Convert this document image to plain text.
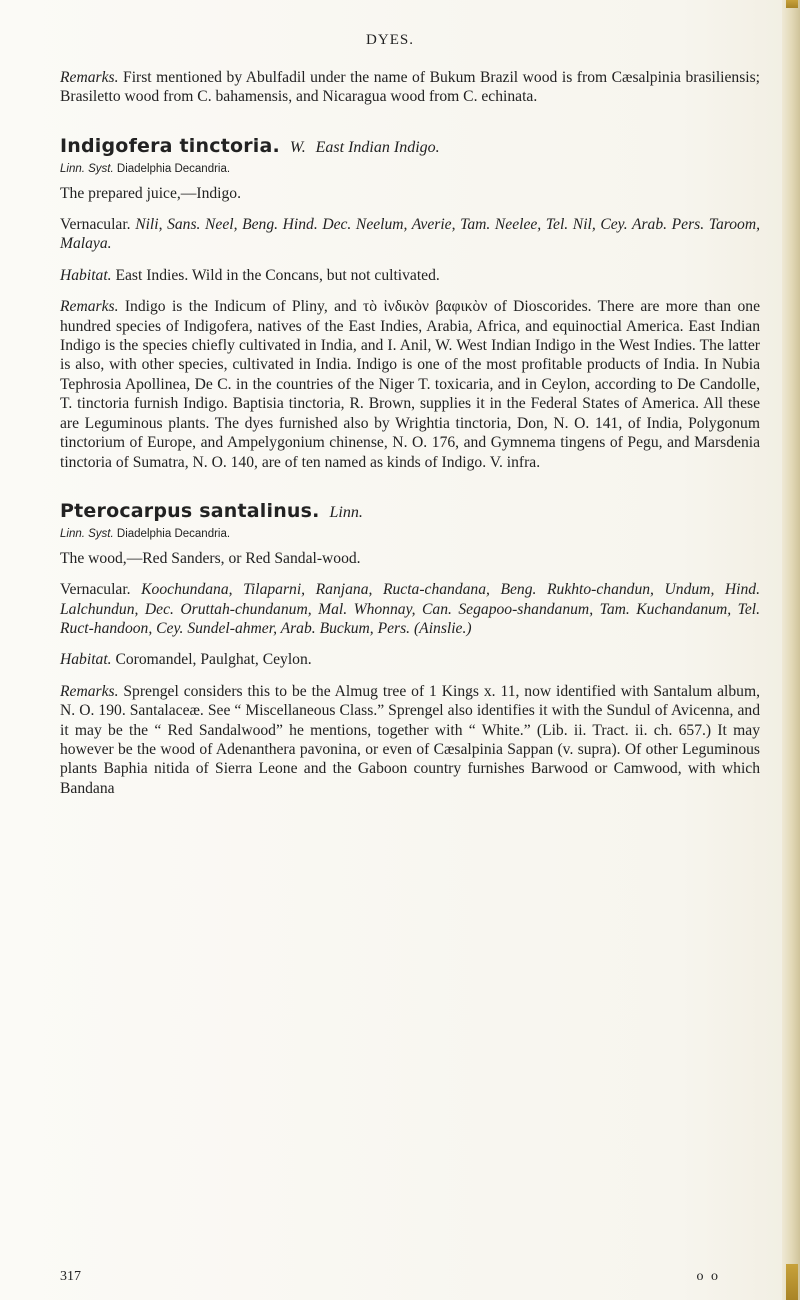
DYES.

Remarks. First mentioned by Abulfadil under the name of Bukum Brazil wood is from Cæsalpinia brasiliensis; Brasiletto wood from C. bahamensis, and Nicaragua wood from C. echinata.

Indigofera tinctoria. W. East Indian Indigo.
Linn. Syst. Diadelphia Decandria.

The prepared juice,—Indigo.

Vernacular. Nili, Sans. Neel, Beng. Hind. Dec. Neelum, Averie, Tam. Neelee, Tel. Nil, Cey. Arab. Pers. Taroom, Malaya.

Habitat. East Indies. Wild in the Concans, but not cultivated.

Remarks. Indigo is the Indicum of Pliny, and τὸ ἰνδικὸν βαφικὸν of Dioscorides. There are more than one hundred species of Indigofera, natives of the East Indies, Arabia, Africa, and equinoctial America. East Indian Indigo is the species chiefly cultivated in India, and I. Anil, W. West Indian Indigo in the West Indies. The latter is also, with other species, cultivated in India. Indigo is one of the most profitable products of India. In Nubia Tephrosia Apollinea, De C. in the countries of the Niger T. toxicaria, and in Ceylon, according to De Candolle, T. tinctoria furnish Indigo. Baptisia tinctoria, R. Brown, supplies it in the Federal States of America. All these are Leguminous plants. The dyes furnished also by Wrightia tinctoria, Don, N. O. 141, of India, Polygonum tinctorium of Europe, and Ampelygonium chinense, N. O. 176, and Gymnema tingens of Pegu, and Marsdenia tinctoria of Sumatra, N. O. 140, are of ten named as kinds of Indigo. V. infra.

Pterocarpus santalinus. Linn.
Linn. Syst. Diadelphia Decandria.

The wood,—Red Sanders, or Red Sandal-wood.

Vernacular. Koochundana, Tilaparni, Ranjana, Ructa-chandana, Beng. Rukhto-chandun, Undum, Hind. Lalchundun, Dec. Oruttah-chundanum, Mal. Whonnay, Can. Segapoo-shandanum, Tam. Kuchandanum, Tel. Ruct-handoon, Cey. Sundel-ahmer, Arab. Buckum, Pers. (Ainslie.)

Habitat. Coromandel, Paulghat, Ceylon.

Remarks. Sprengel considers this to be the Almug tree of 1 Kings x. 11, now identified with Santalum album, N. O. 190. Santalaceæ. See “ Miscellaneous Class.” Sprengel also identifies it with the Sundul of Avicenna, and it may be the “ Red Sandalwood” he mentions, together with “ White.” (Lib. ii. Tract. ii. ch. 657.) It may however be the wood of Adenanthera pavonina, or even of Cæsalpinia Sappan (v. supra). Of other Leguminous plants Baphia nitida of Sierra Leone and the Gaboon country furnishes Barwood or Camwood, with which Bandana

317	o o
